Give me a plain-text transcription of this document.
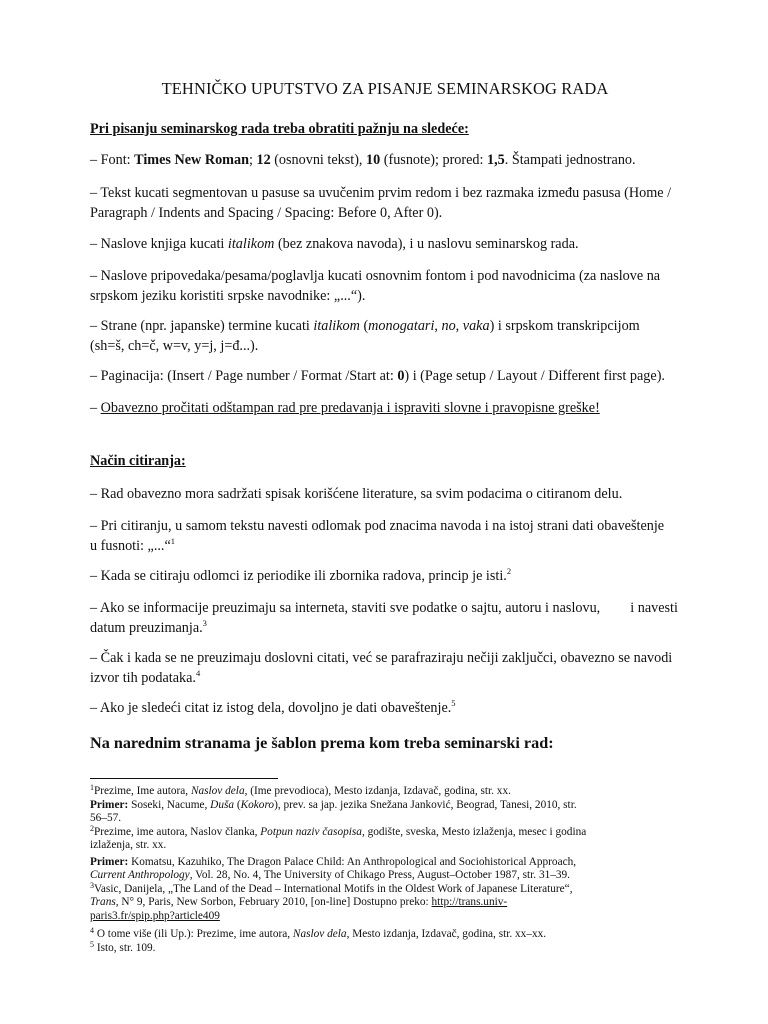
TEHNIČKO UPUTSTVO ZA PISANJE SEMINARSKOG RADA
Pri pisanju seminarskog rada treba obratiti pažnju na sledeće:
– Font: Times New Roman; 12 (osnovni tekst), 10 (fusnote); prored: 1,5. Štampati jednostrano.
– Tekst kucati segmentovan u pasuse sa uvučenim prvim redom i bez razmaka između pasusa (Home / Paragraph / Indents and Spacing / Spacing: Before 0, After 0).
– Naslove knjiga kucati italikom (bez znakova navoda), i u naslovu seminarskog rada.
– Naslove pripovedaka/pesama/poglavlja kucati osnovnim fontom i pod navodnicima (za naslove na srpskom jeziku koristiti srpske navodnike: „...“).
– Strane (npr. japanske) termine kucati italikom (monogatari, no, vaka) i srpskom transkripcijom
(sh=š, ch=č, w=v, y=j, j=đ...).
– Paginacija: (Insert / Page number / Format /Start at: 0) i (Page setup / Layout / Different first page).
– Obavezno pročitati odštampan rad pre predavanja i ispraviti slovne i pravopisne greške!
Način citiranja:
– Rad obavezno mora sadržati spisak korišćene literature, sa svim podacima o citiranom delu.
– Pri citiranju, u samom tekstu navesti odlomak pod znacima navoda i na istoj strani dati obaveštenje
u fusnoti: „...“$^1$
– Kada se citiraju odlomci iz periodike ili zbornika radova, princip je isti.$^2$
– Ako se informacije preuzimaju sa interneta, staviti sve podatke o sajtu, autoru i naslovu, i navesti
datum preuzimanja.$^3$
– Čak i kada se ne preuzimaju doslovni citati, već se parafraziraju nečiji zaključci, obavezno se navodi
izvor tih podataka.$^4$
– Ako je sledeći citat iz istog dela, dovoljno je dati obaveštenje.$^5$
Na narednim stranama je šablon prema kom treba seminarski rad:
$^1$Prezime, Ime autora, Naslov dela, (Ime prevodioca), Mesto izdanja, Izdavač, godina, str. xx.
Primer: Soseki, Nacume, Duša (Kokoro), prev. sa jap. jezika Snežana Janković, Beograd, Tanesi, 2010, str.
56–57.
$^2$Prezime, ime autora, Naslov članka, Potpun naziv časopisa, godište, sveska, Mesto izlaženja, mesec i godina
izlaženja, str. xx.
Primer: Komatsu, Kazuhiko, The Dragon Palace Child: An Anthropological and Sociohistorical Approach,
Current Anthropology, Vol. 28, No. 4, The University of Chikago Press, August–October 1987, str. 31–39.
$^3$Vasic, Danijela, „The Land of the Dead – International Motifs in the Oldest Work of Japanese Literature“,
Trans, N° 9, Paris, New Sorbon, February 2010, [on-line] Dostupno preko: http://trans.univ-
paris3.fr/spip.php?article409
$^4$ O tome više (ili Up.): Prezime, ime autora, Naslov dela, Mesto izdanja, Izdavač, godina, str. xx–xx.
$^5$ Isto, str. 109.
